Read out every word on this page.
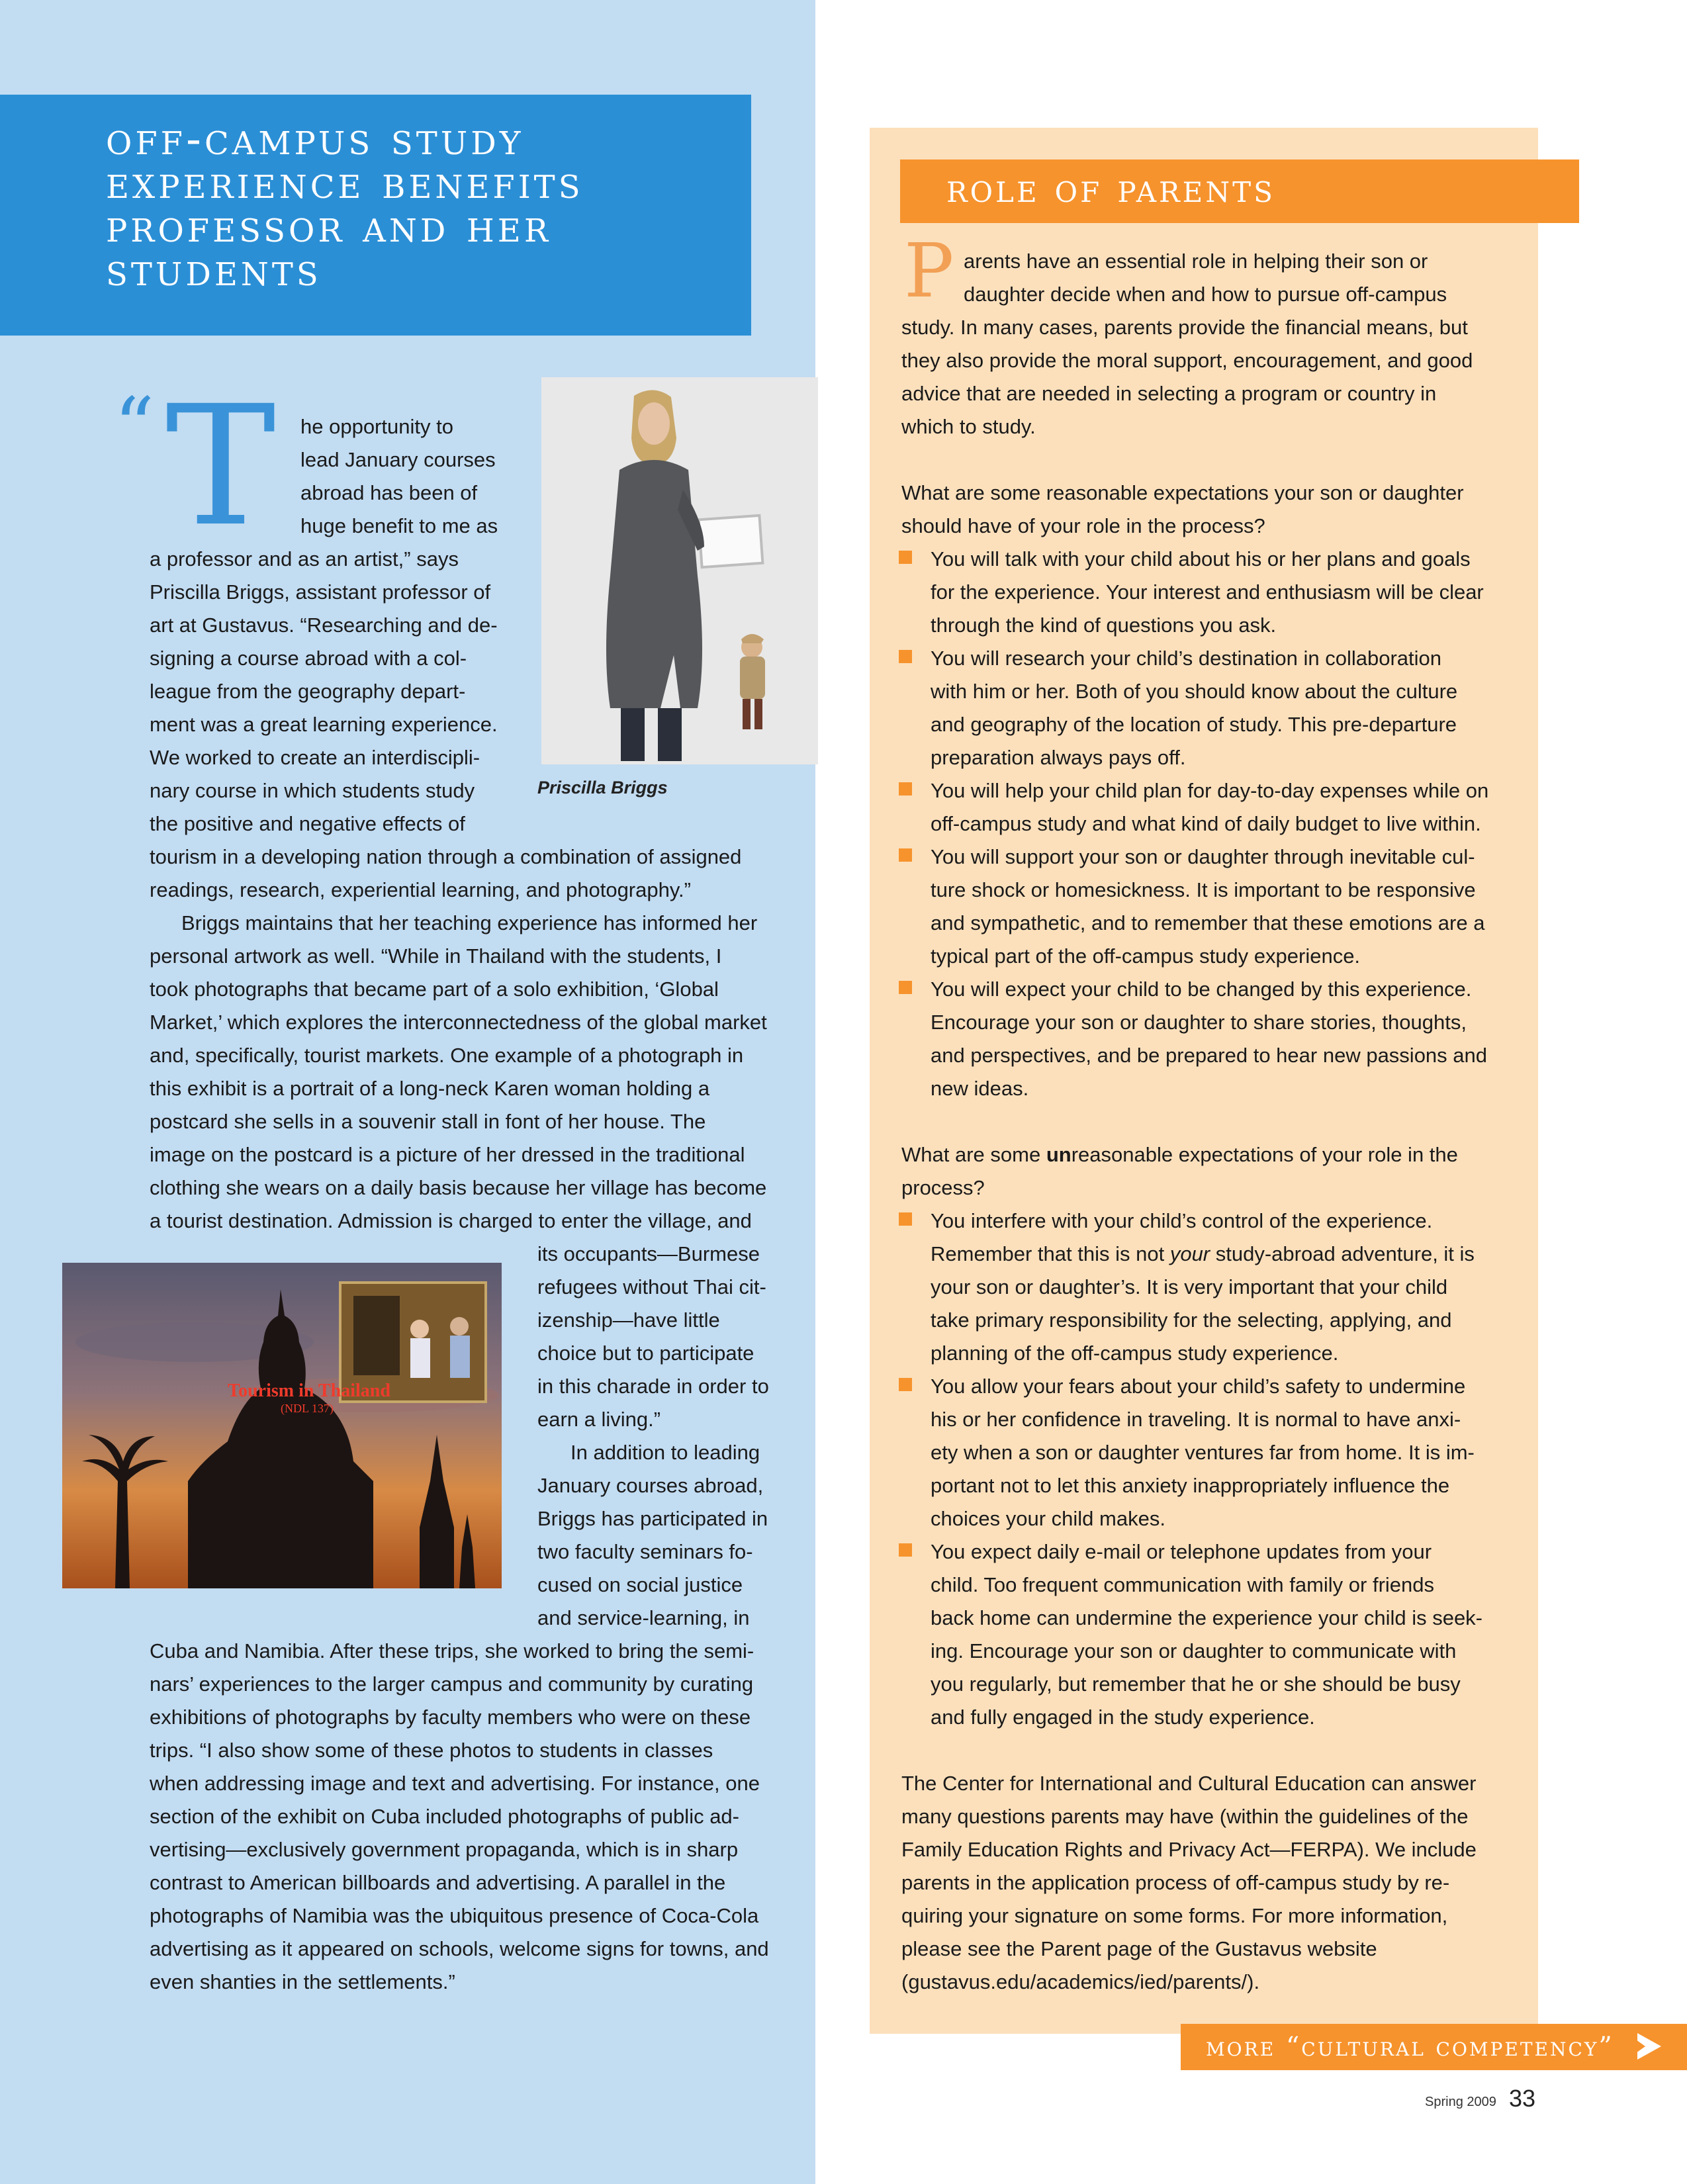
off-campus study
experience benefits
professor and her
students
“ T
Priscilla Briggs
Tourism in Thailand
(NDL 137)

he opportunity to

lead January courses

abroad has been of

huge benefit to me as

a professor and as an artist,” says

Priscilla Briggs, assistant professor of

art at Gustavus. “Researching and de-

signing a course abroad with a col-

league from the geography depart-

ment was a great learning experience.

We worked to create an interdiscipli-

nary course in which students study

the positive and negative effects of

tourism in a developing nation through a combination of assigned

readings, research, experiential learning, and photography.”

Briggs maintains that her teaching experience has informed her

personal artwork as well. “While in Thailand with the students, I

took photographs that became part of a solo exhibition, ‘Global

Market,’ which explores the interconnectedness of the global market

and, specifically, tourist markets. One example of a photograph in

this exhibit is a portrait of a long-neck Karen woman holding a

postcard she sells in a souvenir stall in font of her house. The

image on the postcard is a picture of her dressed in the traditional

clothing she wears on a daily basis because her village has become

a tourist destination. Admission is charged to enter the village, and

its occupants—Burmese

refugees without Thai cit-

izenship—have little

choice but to participate

in this charade in order to

earn a living.”

In addition to leading

January courses abroad,

Briggs has participated in

two faculty seminars fo-

cused on social justice

and service-learning, in

Cuba and Namibia. After these trips, she worked to bring the semi-

nars’ experiences to the larger campus and community by curating

exhibitions of photographs by faculty members who were on these

trips. “I also show some of these photos to students in classes

when addressing image and text and advertising. For instance, one

section of the exhibit on Cuba included photographs of public ad-

vertising—exclusively government propaganda, which is in sharp

contrast to American billboards and advertising. A parallel in the

photographs of Namibia was the ubiquitous presence of Coca-Cola

advertising as it appeared on schools, welcome signs for towns, and

even shanties in the settlements.”

role of parents
P arents have an essential role in helping their son or

daughter decide when and how to pursue off-campus

study. In many cases, parents provide the financial means, but

they also provide the moral support, encouragement, and good

advice that are needed in selecting a program or country in

which to study.

What are some reasonable expectations your son or daughter

should have of your role in the process?

You will talk with your child about his or her plans and goals

for the experience. Your interest and enthusiasm will be clear

through the kind of questions you ask.

You will research your child’s destination in collaboration

with him or her. Both of you should know about the culture

and geography of the location of study. This pre-departure

preparation always pays off.

You will help your child plan for day-to-day expenses while on

off-campus study and what kind of daily budget to live within.

You will support your son or daughter through inevitable cul-

ture shock or homesickness. It is important to be responsive

and sympathetic, and to remember that these emotions are a

typical part of the off-campus study experience.

You will expect your child to be changed by this experience.

Encourage your son or daughter to share stories, thoughts,

and perspectives, and be prepared to hear new passions and

new ideas.

What are some unreasonable expectations of your role in the

process?

You interfere with your child’s control of the experience.

Remember that this is not your study-abroad adventure, it is

your son or daughter’s. It is very important that your child

take primary responsibility for the selecting, applying, and

planning of the off-campus study experience.

You allow your fears about your child’s safety to undermine

his or her confidence in traveling. It is normal to have anxi-

ety when a son or daughter ventures far from home. It is im-

portant not to let this anxiety inappropriately influence the

choices your child makes.

You expect daily e-mail or telephone updates from your

child. Too frequent communication with family or friends

back home can undermine the experience your child is seek-

ing. Encourage your son or daughter to communicate with

you regularly, but remember that he or she should be busy

and fully engaged in the study experience.

The Center for International and Cultural Education can answer

many questions parents may have (within the guidelines of the

Family Education Rights and Privacy Act—FERPA). We include

parents in the application process of off-campus study by re-

quiring your signature on some forms. For more information,

please see the Parent page of the Gustavus website

(gustavus.edu/academics/ied/parents/).

more “cultural competency”

Spring 2009 33
